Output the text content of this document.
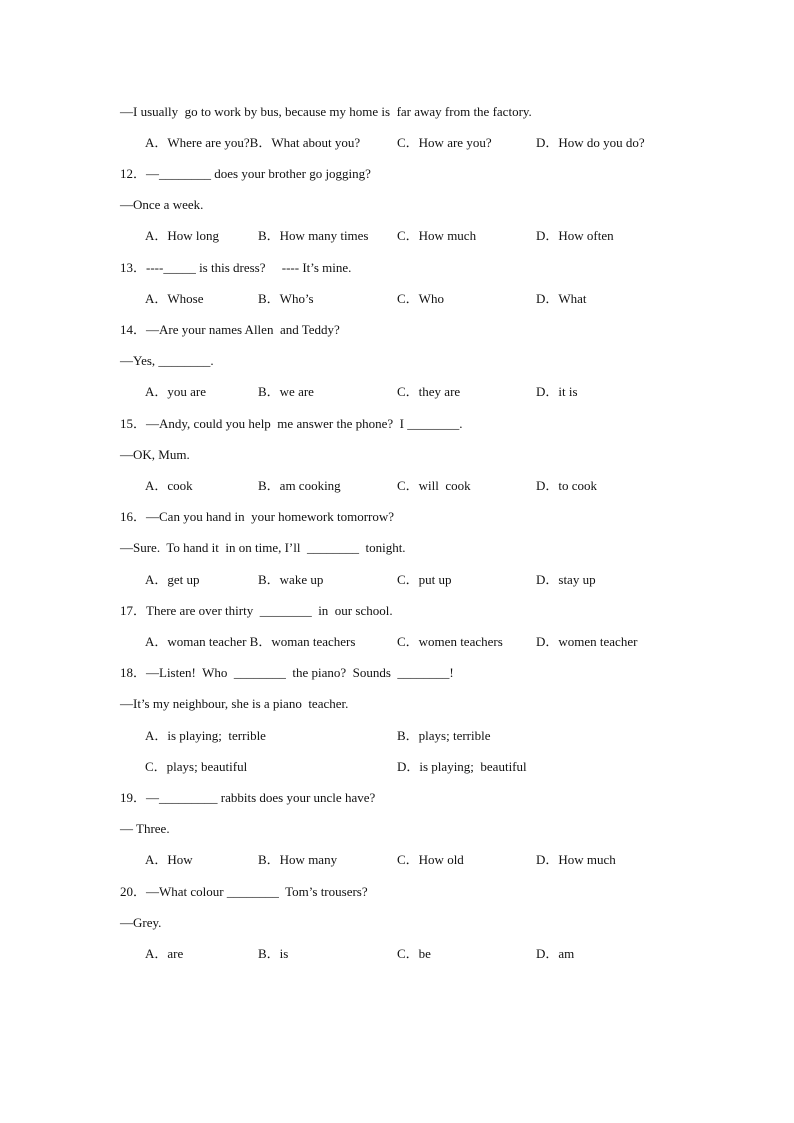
—I usually  go to work by bus, because my home is  far away from the factory.
A．Where are you?B．What about you?	C．How are you?	D．How do you do?
12．—________ does your brother go jogging?
—Once a week.
A．How long	B．How many times C．How much	D．How often
13．----_____ is this dress?     ---- It’s mine.
A．Whose	B．Who’s	C．Who	D．What
14．—Are your names Allen  and Teddy?
—Yes, ________.
A．you are	B．we are	C．they are	D．it is
15．—Andy, could you help  me answer the phone?  I ________.
—OK, Mum.
A．cook	B．am cooking	C．will  cook	D．to cook
16．—Can you hand in  your homework tomorrow?
—Sure.  To hand it  in on time, I’ll  ________  tonight.
A．get up	B．wake up	C．put up	D．stay up
17．There are over thirty  ________  in  our school.
A．woman teacher B．woman teachers	C．women teachers	D．women teacher
18．—Listen!  Who  ________  the piano?  Sounds  ________!
—It’s my neighbour, she is a piano  teacher.
A．is playing;  terrible	B．plays; terrible
C．plays; beautiful	D．is playing;  beautiful
19．—_________ rabbits does your uncle have?
— Three.
A．How	B．How many	C．How old	D．How much
20．—What colour ________  Tom’s trousers?
—Grey.
A．are	B．is	C．be	D．am
